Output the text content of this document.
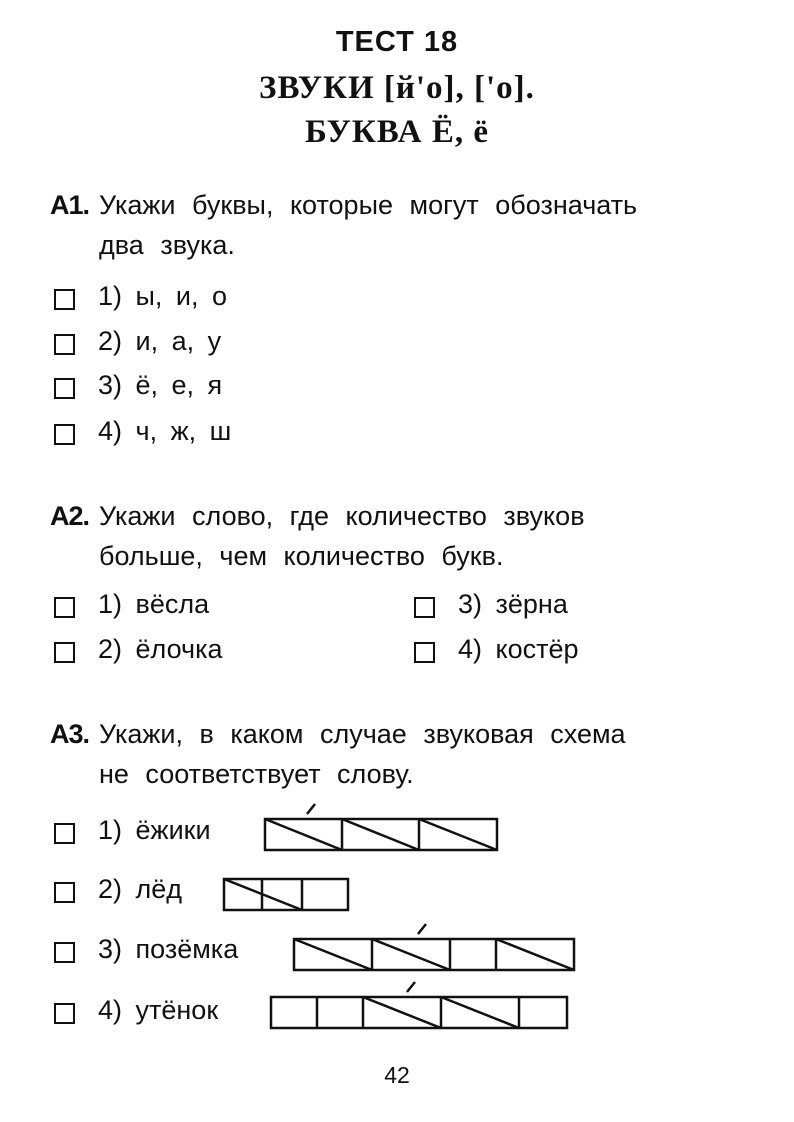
ТЕСТ 18
ЗВУКИ [й'о], ['о].
БУКВА Ё, ё
А1. Укажи буквы, которые могут обозначать
два звука.
1) ы, и, о
2) и, а, у
3) ё, е, я
4) ч, ж, ш
А2. Укажи слово, где количество звуков
больше, чем количество букв.
1) вёсла
2) ёлочка
3) зёрна
4) костёр
А3. Укажи, в каком случае звуковая схема
не соответствует слову.
1) ёжики
2) лёд
3) позёмка
4) утёнок
42
